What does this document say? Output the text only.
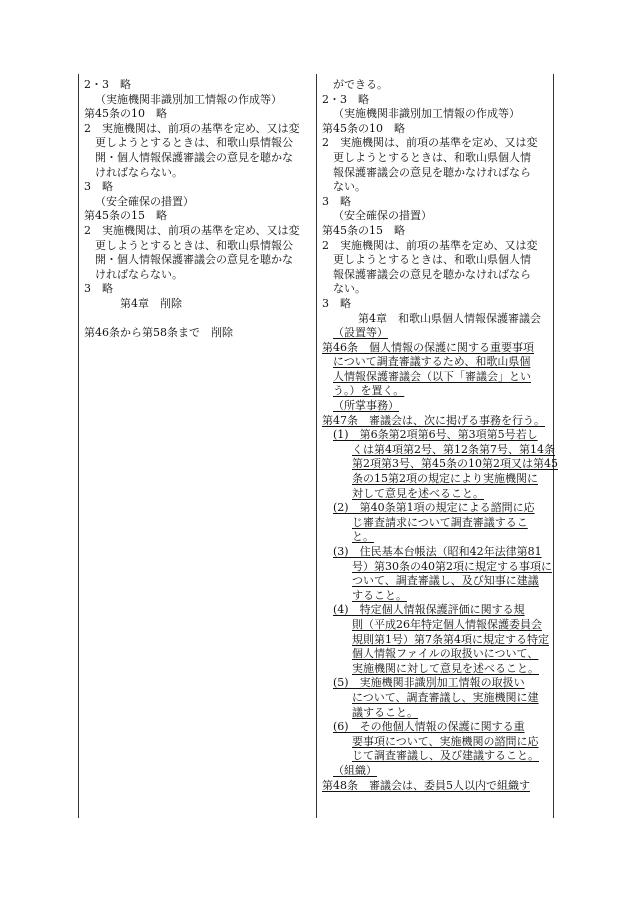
2・3　略
（実施機関非識別加工情報の作成等）
第45条の10　略
2　実施機関は、前項の基準を定め、又は変
更しようとするときは、和歌山県情報公
開・個人情報保護審議会の意見を聴かな
ければならない。
3　略
（安全確保の措置）
第45条の15　略
2　実施機関は、前項の基準を定め、又は変
更しようとするときは、和歌山県情報公
開・個人情報保護審議会の意見を聴かな
ければならない。
3　略
第4章　削除
第46条から第58条まで　削除
ができる。
2・3　略
（実施機関非識別加工情報の作成等）
第45条の10　略
2　実施機関は、前項の基準を定め、又は変
更しようとするときは、和歌山県個人情
報保護審議会の意見を聴かなければなら
ない。
3　略
（安全確保の措置）
第45条の15　略
2　実施機関は、前項の基準を定め、又は変
更しようとするときは、和歌山県個人情
報保護審議会の意見を聴かなければなら
ない。
3　略
第4章　和歌山県個人情報保護審議会
（設置等）
第46条　個人情報の保護に関する重要事項
について調査審議するため、和歌山県個
人情報保護審議会（以下「審議会」とい
う。）を置く。
（所掌事務）
第47条　審議会は、次に掲げる事務を行う。
(1)　第6条第2項第6号、第3項第5号若し
くは第4項第2号、第12条第7号、第14条
第2項第3号、第45条の10第2項又は第45
条の15第2項の規定により実施機関に
対して意見を述べること。
(2)　第40条第1項の規定による諮問に応
じ審査請求について調査審議するこ
と。
(3)　住民基本台帳法（昭和42年法律第81
号）第30条の40第2項に規定する事項に
ついて、調査審議し、及び知事に建議
すること。
(4)　特定個人情報保護評価に関する規
則（平成26年特定個人情報保護委員会
規則第1号）第7条第4項に規定する特定
個人情報ファイルの取扱いについて、
実施機関に対して意見を述べること。
(5)　実施機関非識別加工情報の取扱い
について、調査審議し、実施機関に建
議すること。
(6)　その他個人情報の保護に関する重
要事項について、実施機関の諮問に応
じて調査審議し、及び建議すること。
（組織）
第48条　審議会は、委員5人以内で組織す
